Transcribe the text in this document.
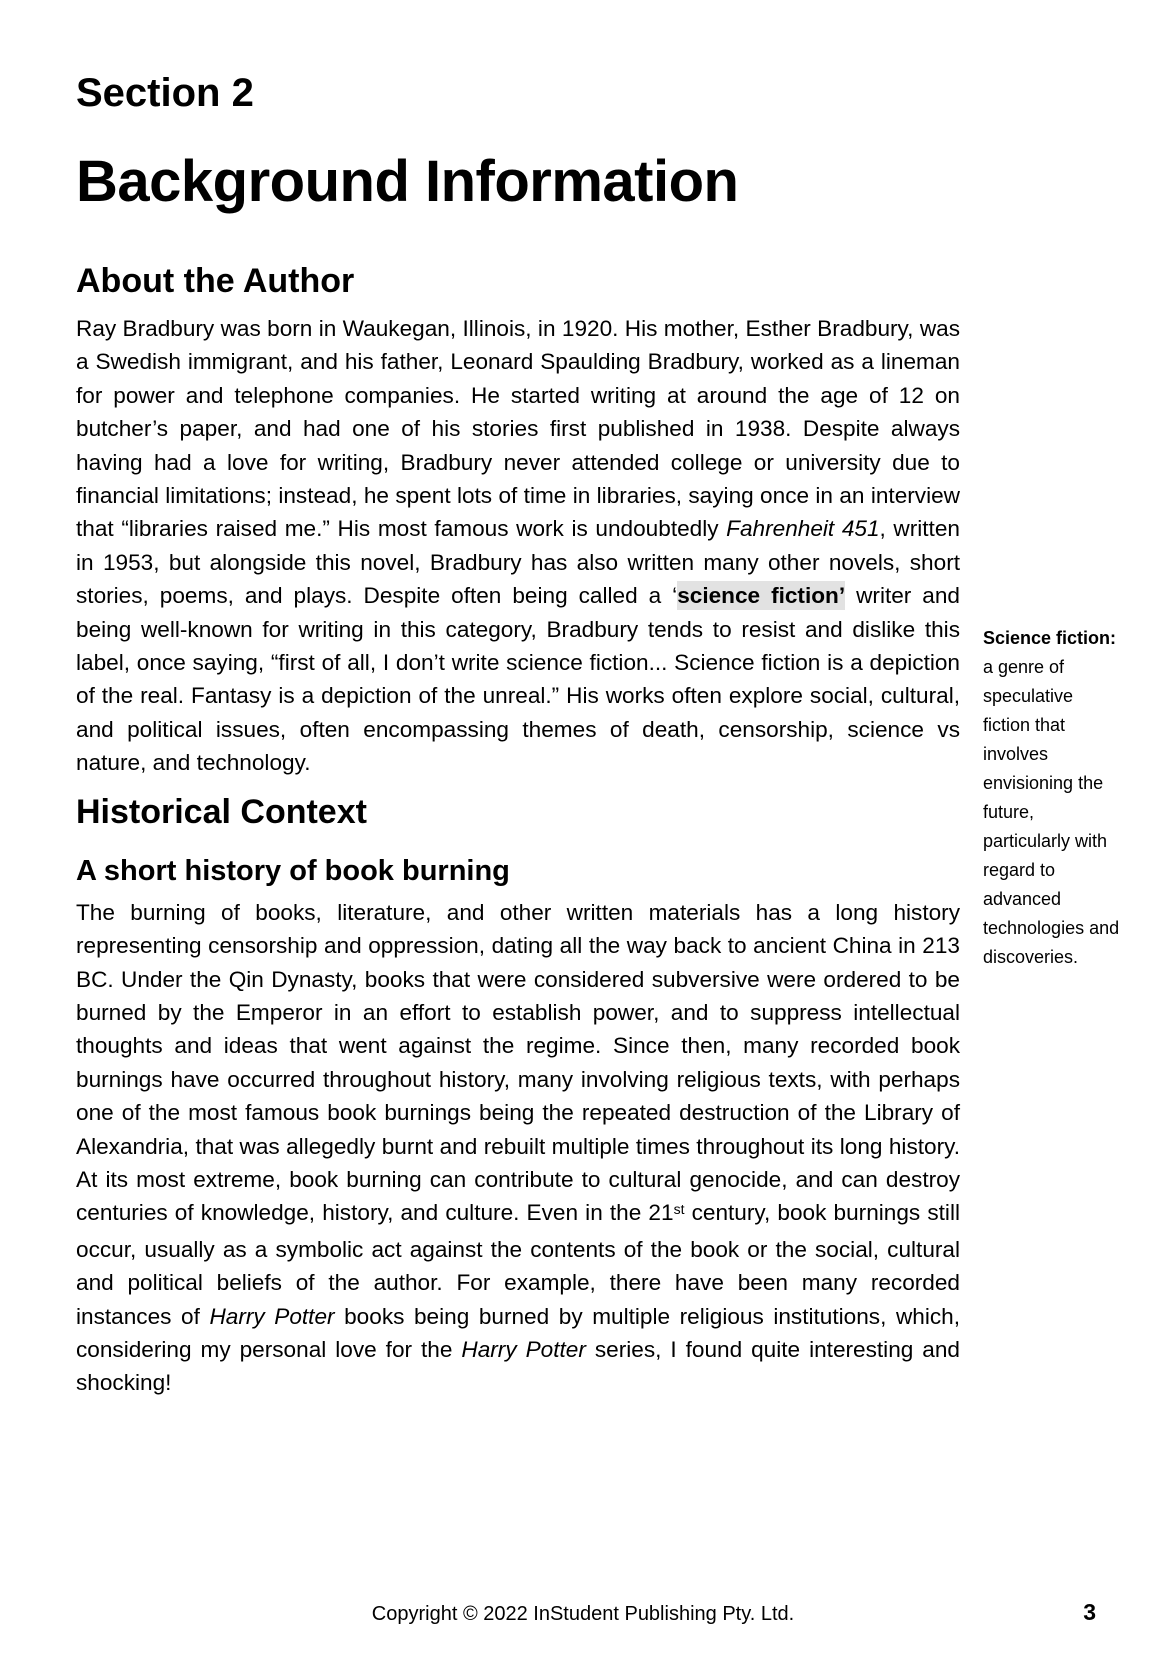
Section 2
Background Information
About the Author

Ray Bradbury was born in Waukegan, Illinois, in 1920. His mother, Esther Bradbury, was a Swedish immigrant, and his father, Leonard Spaulding Bradbury, worked as a lineman for power and telephone companies. He started writing at around the age of 12 on butcher’s paper, and had one of his stories first published in 1938. Despite always having had a love for writing, Bradbury never attended college or university due to financial limitations; instead, he spent lots of time in libraries, saying once in an interview that “libraries raised me.” His most famous work is undoubtedly Fahrenheit 451, written in 1953, but alongside this novel, Bradbury has also written many other novels, short stories, poems, and plays. Despite often being called a ‘science fiction’ writer and being well-known for writing in this category, Bradbury tends to resist and dislike this label, once saying, “first of all, I don’t write science fiction... Science fiction is a depiction of the real. Fantasy is a depiction of the unreal.” His works often explore social, cultural, and political issues, often encompassing themes of death, censorship, science vs nature, and technology.

Historical Context
A short history of book burning

The burning of books, literature, and other written materials has a long history representing censorship and oppression, dating all the way back to ancient China in 213 BC. Under the Qin Dynasty, books that were considered subversive were ordered to be burned by the Emperor in an effort to establish power, and to suppress intellectual thoughts and ideas that went against the regime. Since then, many recorded book burnings have occurred throughout history, many involving religious texts, with perhaps one of the most famous book burnings being the repeated destruction of the Library of Alexandria, that was allegedly burnt and rebuilt multiple times throughout its long history. At its most extreme, book burning can contribute to cultural genocide, and can destroy centuries of knowledge, history, and culture. Even in the 21st century, book burnings still occur, usually as a symbolic act against the contents of the book or the social, cultural and political beliefs of the author. For example, there have been many recorded instances of Harry Potter books being burned by multiple religious institutions, which, considering my personal love for the Harry Potter series, I found quite interesting and shocking!

Science fiction: a genre of speculative fiction that involves envisioning the future, particularly with regard to advanced technologies and discoveries.
Copyright © 2022 InStudent Publishing Pty. Ltd.	3
